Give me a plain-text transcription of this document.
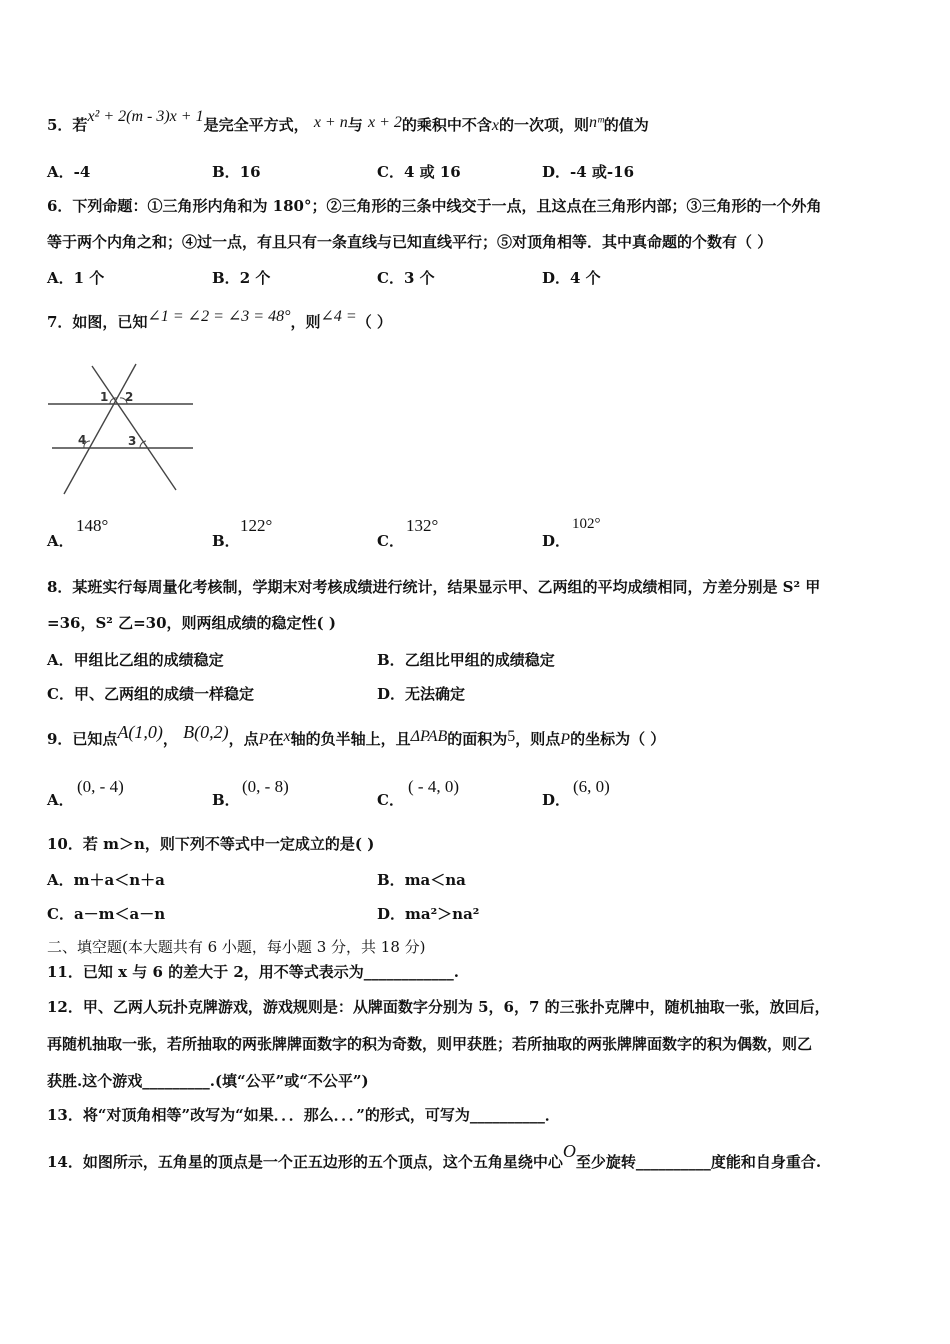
5．若x² + 2(m - 3)x + 1是完全平方式， x + n与 x + 2的乘积中不含x的一次项，则nᵐ的值为
A．-4	B．16	C．4 或 16	D．-4 或-16
6．下列命题：①三角形内角和为 180°；②三角形的三条中线交于一点，且这点在三角形内部；③三角形的一个外角
等于两个内角之和；④过一点，有且只有一条直线与已知直线平行；⑤对顶角相等．其中真命题的个数有（ ）
A．1 个	B．2 个	C．3 个	D．4 个
7．如图，已知∠1 = ∠2 = ∠3 = 48°，则∠4 =（ ）
1 2
3
4
A．
148°
B．
122°
C．
132°
D．
102°
8．某班实行每周量化考核制，学期末对考核成绩进行统计，结果显示甲、乙两组的平均成绩相同，方差分别是 S² 甲
=36，S² 乙=30，则两组成绩的稳定性( )
A．甲组比乙组的成绩稳定	B．乙组比甲组的成绩稳定
C．甲、乙两组的成绩一样稳定	D．无法确定
9．已知点A(1,0)， B(0,2)，点P在x轴的负半轴上，且ΔPAB的面积为5，则点P的坐标为（ ）
A．
(0, - 4)
B．
(0, - 8)
C．
( - 4, 0)
D．
(6, 0)
10．若 m＞n，则下列不等式中一定成立的是( )
A．m＋a＜n＋a	B．ma＜na
C．a－m＜a－n	D．ma²＞na²
二、填空题(本大题共有 6 小题，每小题 3 分，共 18 分)
11．已知 x 与 6 的差大于 2，用不等式表示为____________.
12．甲、乙两人玩扑克牌游戏，游戏规则是：从牌面数字分别为 5，6，7 的三张扑克牌中，随机抽取一张，放回后，
再随机抽取一张，若所抽取的两张牌牌面数字的积为奇数，则甲获胜；若所抽取的两张牌牌面数字的积为偶数，则乙
获胜.这个游戏_________.(填“公平”或“不公平”)
13．将“对顶角相等”改写为“如果．．．那么．．．”的形式，可写为__________．
14．如图所示，五角星的顶点是一个正五边形的五个顶点，这个五角星绕中心O至少旋转__________度能和自身重合.
